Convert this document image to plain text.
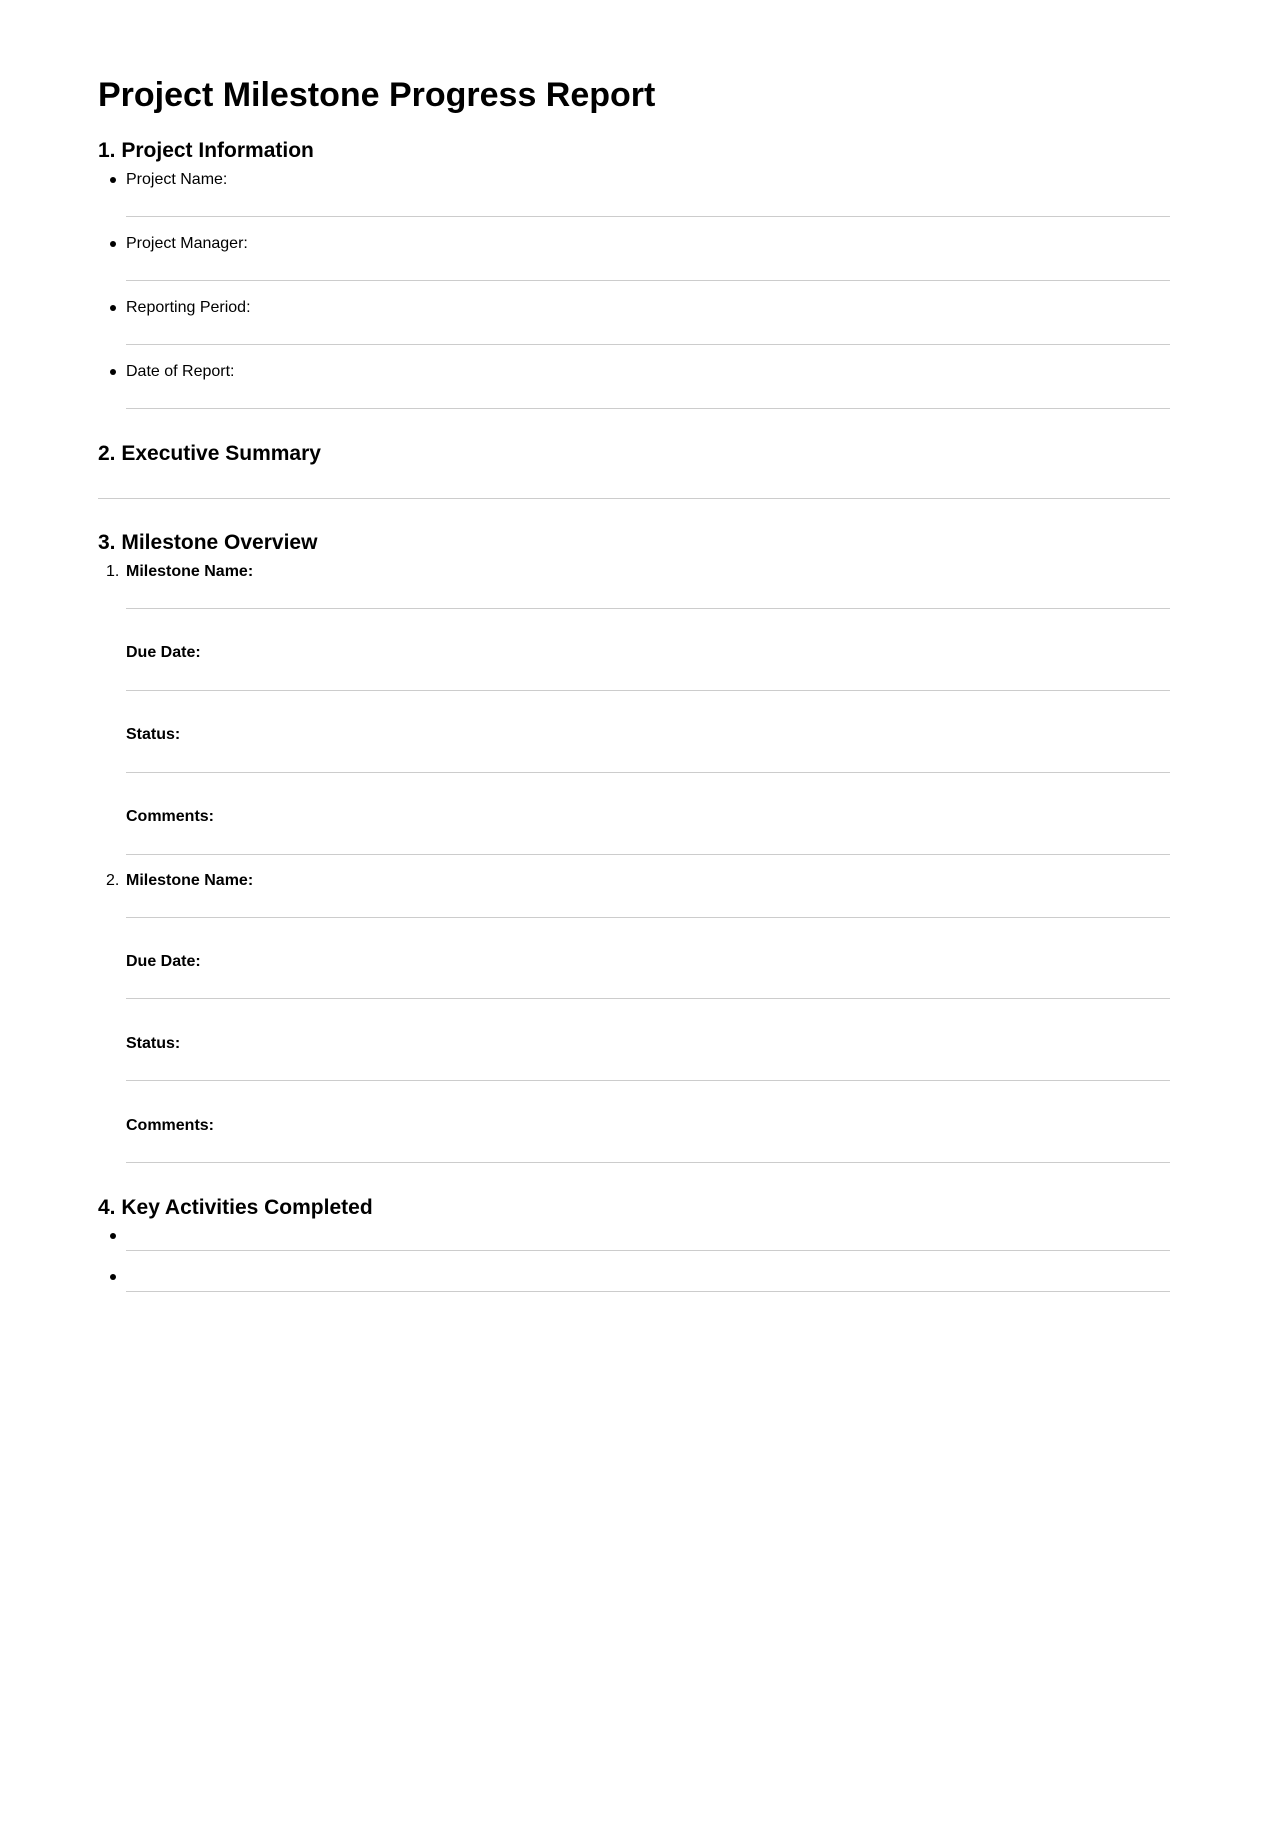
Project Milestone Progress Report
1. Project Information
Project Name:
Project Manager:
Reporting Period:
Date of Report:
2. Executive Summary
3. Milestone Overview
1. Milestone Name:
Due Date:
Status:
Comments:
2. Milestone Name:
Due Date:
Status:
Comments:
4. Key Activities Completed
